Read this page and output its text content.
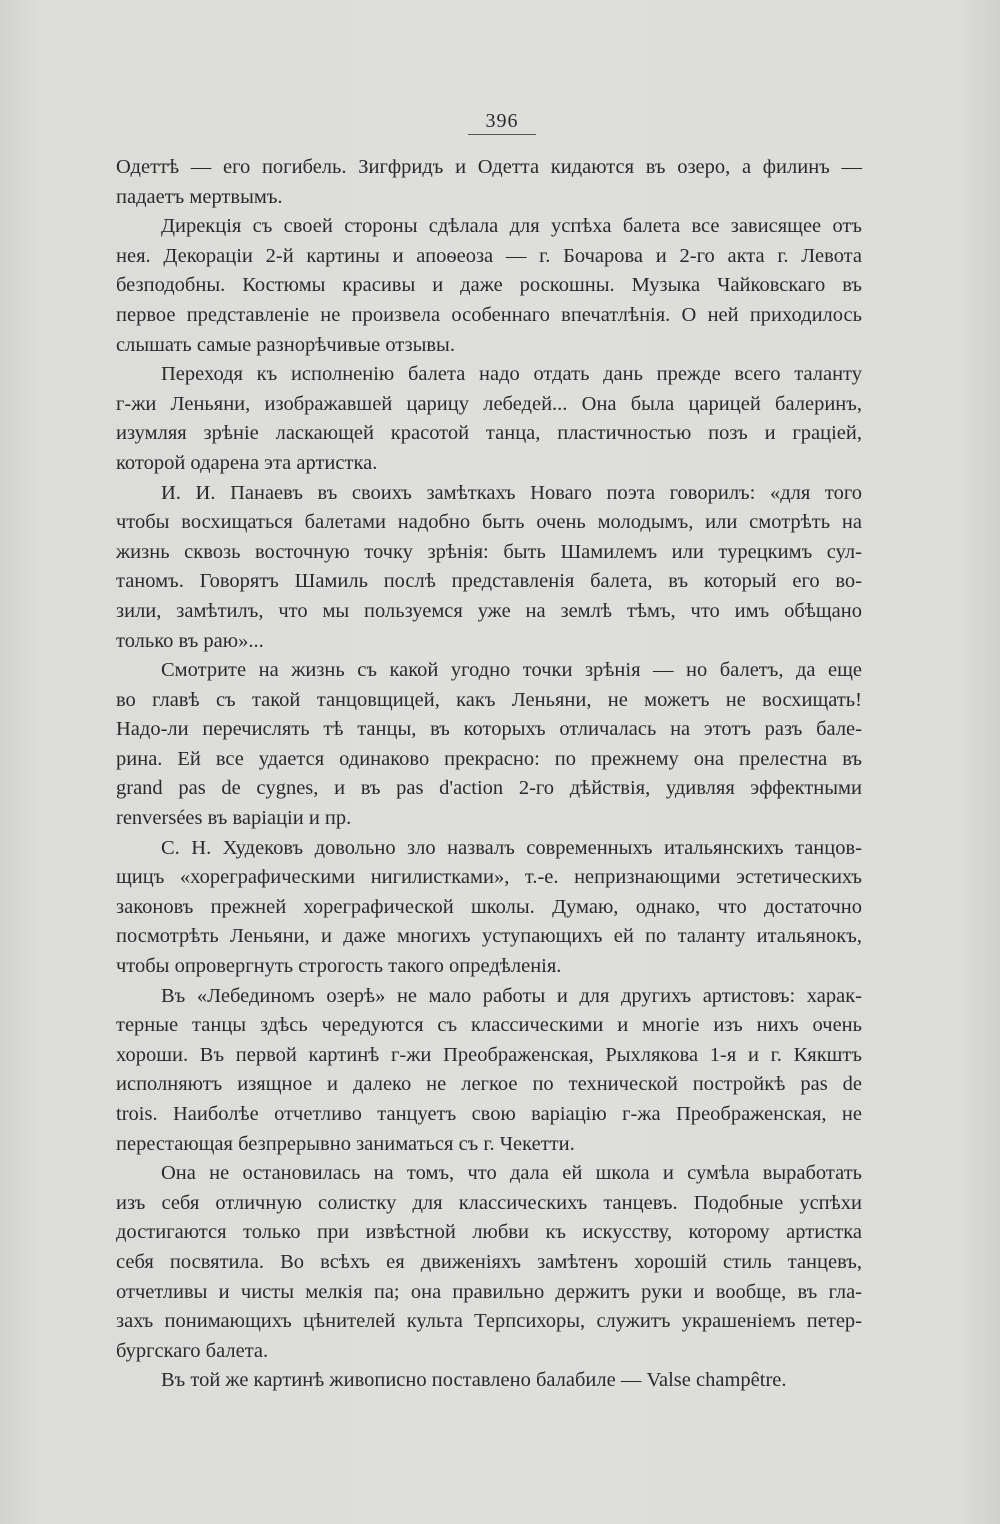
396

Одеттѣ — его погибель. Зигфридъ и Одетта кидаются въ озеро, а филинъ —

падаетъ мертвымъ.

Дирекція съ своей стороны сдѣлала для успѣха балета все зависящее отъ

нея. Декораціи 2-й картины и апоѳеоза — г. Бочарова и 2-го акта г. Левота

безподобны. Костюмы красивы и даже роскошны. Музыка Чайковскаго въ

первое представленіе не произвела особеннаго впечатлѣнія. О ней приходилось

слышать самые разнорѣчивые отзывы.

Переходя къ исполненію балета надо отдать дань прежде всего таланту

г-жи Леньяни, изображавшей царицу лебедей... Она была царицей балеринъ,

изумляя зрѣніе ласкающей красотой танца, пластичностью позъ и граціей,

которой одарена эта артистка.

И. И. Панаевъ въ своихъ замѣткахъ Новаго поэта говорилъ: «для того

чтобы восхищаться балетами надобно быть очень молодымъ, или смотрѣть на

жизнь сквозь восточную точку зрѣнія: быть Шамилемъ или турецкимъ сул-

таномъ. Говорятъ Шамиль послѣ представленія балета, въ который его во-

зили, замѣтилъ, что мы пользуемся уже на землѣ тѣмъ, что имъ обѣщано

только въ раю»...

Смотрите на жизнь съ какой угодно точки зрѣнія — но балетъ, да еще

во главѣ съ такой танцовщицей, какъ Леньяни, не можетъ не восхищать!

Надо-ли перечислять тѣ танцы, въ которыхъ отличалась на этотъ разъ бале-

рина. Ей все удается одинаково прекрасно: по прежнему она прелестна въ

grand pas de cygnes, и въ pas d'action 2-го дѣйствія, удивляя эффектными

renversées въ варіаціи и пр.

С. Н. Худековъ довольно зло назвалъ современныхъ итальянскихъ танцов-

щицъ «хореграфическими нигилистками», т.-е. непризнающими эстетическихъ

законовъ прежней хореграфической школы. Думаю, однако, что достаточно

посмотрѣть Леньяни, и даже многихъ уступающихъ ей по таланту итальянокъ,

чтобы опровергнуть строгость такого опредѣленія.

Въ «Лебединомъ озерѣ» не мало работы и для другихъ артистовъ: харак-

терные танцы здѣсь чередуются съ классическими и многіе изъ нихъ очень

хороши. Въ первой картинѣ г-жи Преображенская, Рыхлякова 1-я и г. Кякштъ

исполняютъ изящное и далеко не легкое по технической постройкѣ pas de

trois. Наиболѣе отчетливо танцуетъ свою варіацію г-жа Преображенская, не

перестающая безпрерывно заниматься съ г. Чекетти.

Она не остановилась на томъ, что дала ей школа и сумѣла выработать

изъ себя отличную солистку для классическихъ танцевъ. Подобные успѣхи

достигаются только при извѣстной любви къ искусству, которому артистка

себя посвятила. Во всѣхъ ея движеніяхъ замѣтенъ хорошій стиль танцевъ,

отчетливы и чисты мелкія па; она правильно держитъ руки и вообще, въ гла-

захъ понимающихъ цѣнителей культа Терпсихоры, служитъ украшеніемъ петер-

бургскаго балета.

Въ той же картинѣ живописно поставлено балабиле — Valse champêtre.
